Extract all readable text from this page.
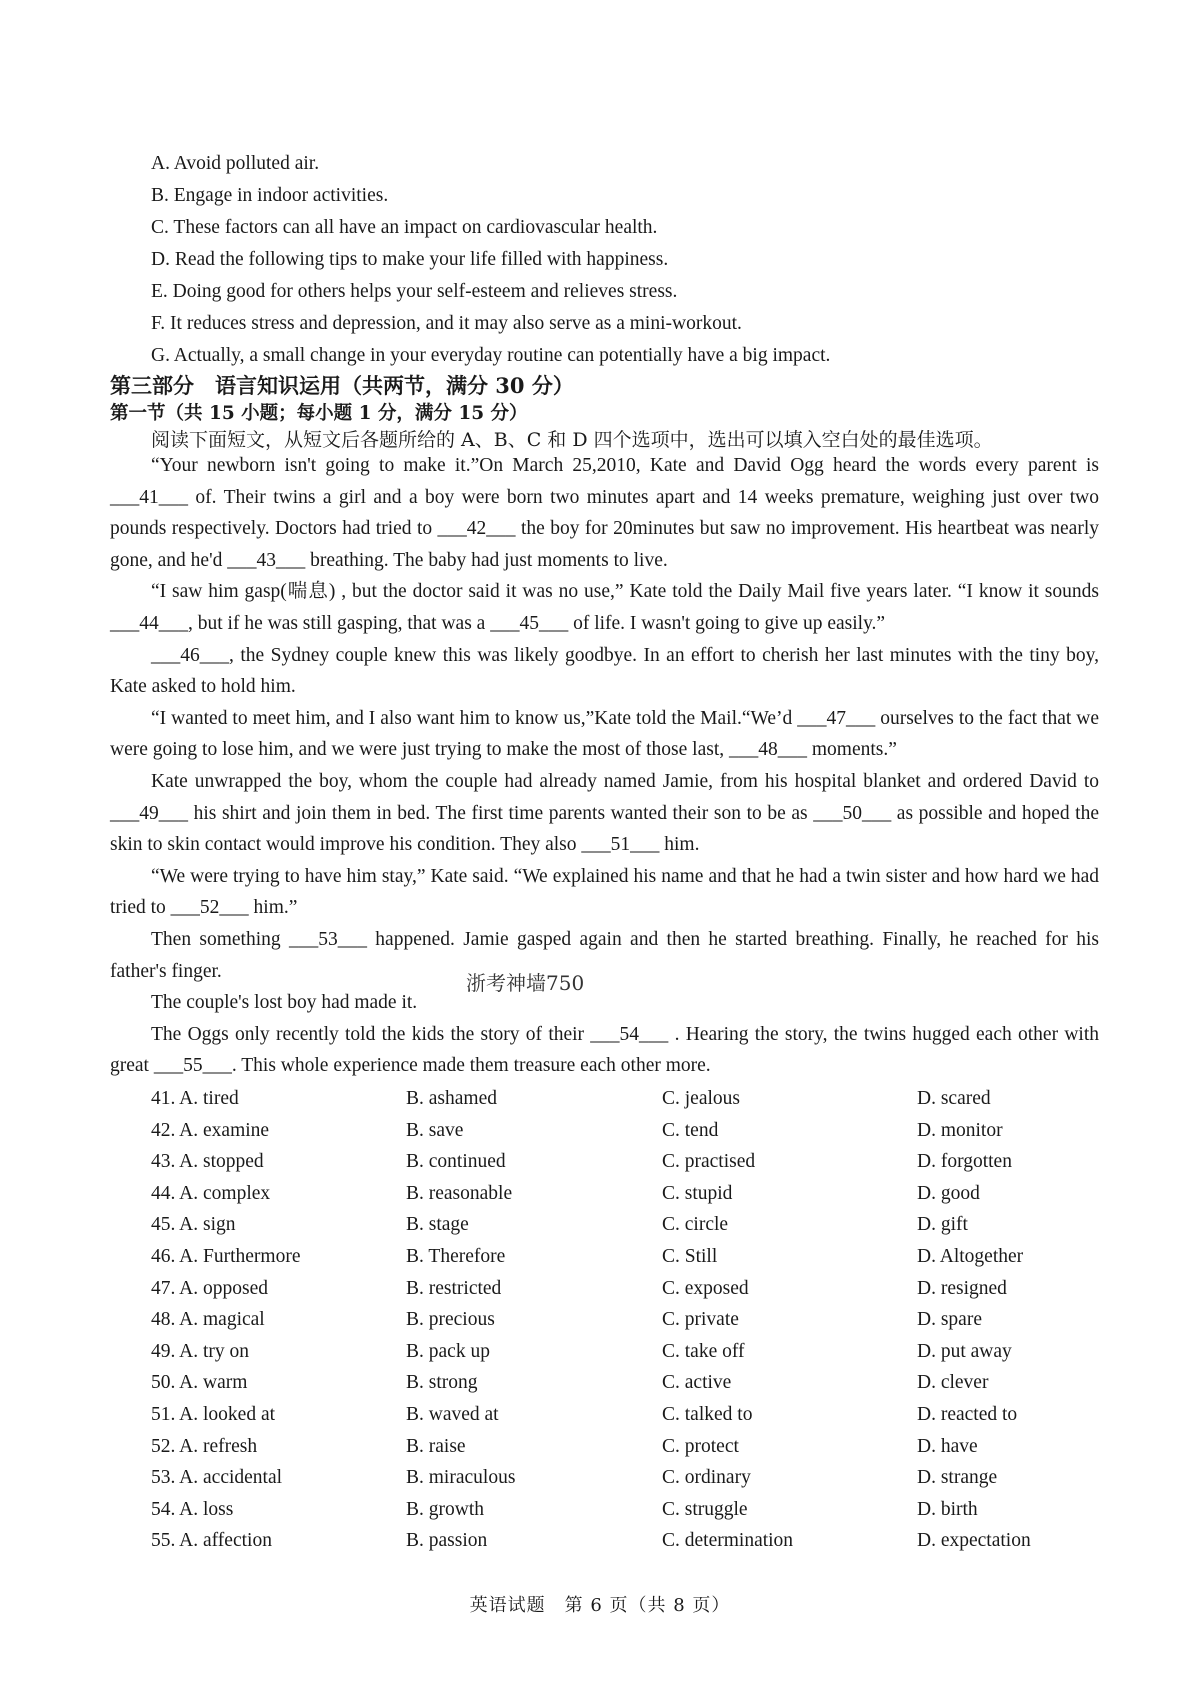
A. Avoid polluted air.
B. Engage in indoor activities.
C. These factors can all have an impact on cardiovascular health.
D. Read the following tips to make your life filled with happiness.
E. Doing good for others helps your self-esteem and relieves stress.
F. It reduces stress and depression, and it may also serve as a mini-workout.
G. Actually, a small change in your everyday routine can potentially have a big impact.
第三部分　语言知识运用（共两节，满分 30 分）
第一节（共 15 小题；每小题 1 分，满分 15 分）
阅读下面短文，从短文后各题所给的 A、B、C 和 D 四个选项中，选出可以填入空白处的最佳选项。

“Your newborn isn't going to make it.”On March 25,2010, Kate and David Ogg heard the words every parent is ___41___ of. Their twins a girl and a boy were born two minutes apart and 14 weeks premature, weighing just over two pounds respectively. Doctors had tried to ___42___ the boy for 20minutes but saw no improvement. His heartbeat was nearly gone, and he'd ___43___ breathing. The baby had just moments to live.

“I saw him gasp(喘息) , but the doctor said it was no use,” Kate told the Daily Mail five years later. “I know it sounds ___44___, but if he was still gasping, that was a ___45___ of life. I wasn't going to give up easily.”

___46___, the Sydney couple knew this was likely goodbye. In an effort to cherish her last minutes with the tiny boy, Kate asked to hold him.

“I wanted to meet him, and I also want him to know us,”Kate told the Mail.“We’d ___47___ ourselves to the fact that we were going to lose him, and we were just trying to make the most of those last, ___48___ moments.”

Kate unwrapped the boy, whom the couple had already named Jamie, from his hospital blanket and ordered David to ___49___ his shirt and join them in bed. The first time parents wanted their son to be as ___50___ as possible and hoped the skin to skin contact would improve his condition. They also ___51___ him.

“We were trying to have him stay,” Kate said. “We explained his name and that he had a twin sister and how hard we had tried to ___52___ him.”

Then something ___53___ happened. Jamie gasped again and then he started breathing. Finally, he reached for his father's finger.

The couple's lost boy had made it.

The Oggs only recently told the kids the story of their ___54___ . Hearing the story, the twins hugged each other with great ___55___. This whole experience made them treasure each other more.

浙考神墙750
41. A. tired	B. ashamed	C. jealous	D. scared
42. A. examine	B. save	C. tend	D. monitor
43. A. stopped	B. continued	C. practised	D. forgotten
44. A. complex	B. reasonable	C. stupid	D. good
45. A. sign	B. stage	C. circle	D. gift
46. A. Furthermore	B. Therefore	C. Still	D. Altogether
47. A. opposed	B. restricted	C. exposed	D. resigned
48. A. magical	B. precious	C. private	D. spare
49. A. try on	B. pack up	C. take off	D. put away
50. A. warm	B. strong	C. active	D. clever
51. A. looked at	B. waved at	C. talked to	D. reacted to
52. A. refresh	B. raise	C. protect	D. have
53. A. accidental	B. miraculous	C. ordinary	D. strange
54. A. loss	B. growth	C. struggle	D. birth
55. A. affection	B. passion	C. determination	D. expectation
英语试题　第 6 页（共 8 页）
